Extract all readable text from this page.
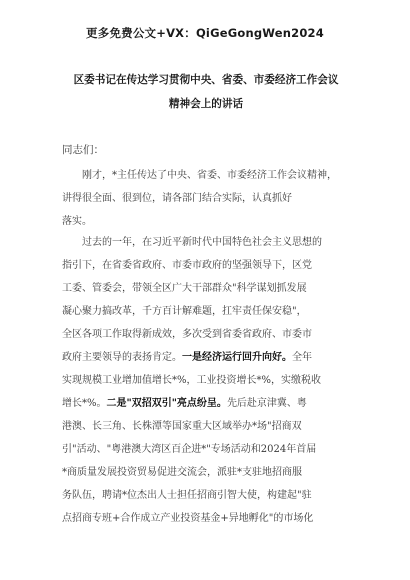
更多免费公文+VX：QiGeGongWen2024
区委书记在传达学习贯彻中央、省委、市委经济工作会议
精神会上的讲话
同志们：
刚才，*主任传达了中央、省委、市委经济工作会议精神，
讲得很全面、很到位，请各部门结合实际，认真抓好
落实。
过去的一年，在习近平新时代中国特色社会主义思想的
指引下，在省委省政府、市委市政府的坚强领导下，区党
工委、管委会，带领全区广大干部群众"科学谋划抓发展
凝心聚力搞改革，千方百计解难题，扛牢责任保安稳"，
全区各项工作取得新成效，多次受到省委省政府、市委市
政府主要领导的表扬肯定。一是经济运行回升向好。全年
实现规模工业增加值增长*%，工业投资增长*%，实缴税收
增长*%。二是"双招双引"亮点纷呈。先后赴京津冀、粤
港澳、长三角、长株潭等国家重大区域举办*场"招商双
引"活动、"粤港澳大湾区百企进*"专场活动和2024年首届
*商质量发展投资贸易促进交流会，派驻*支驻地招商服
务队伍，聘请*位杰出人士担任招商引智大使，构建起"驻
点招商专班+合作成立产业投资基金+异地孵化"的市场化
